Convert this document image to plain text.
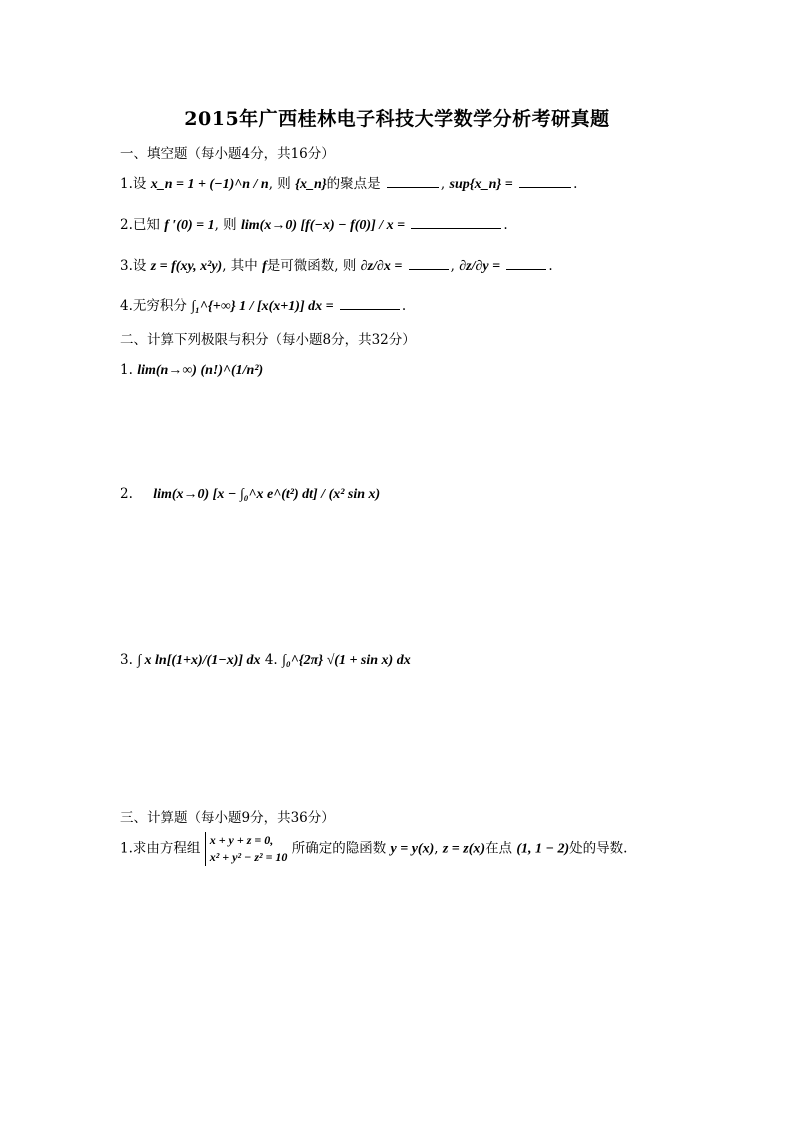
2015年广西桂林电子科技大学数学分析考研真题
一、填空题（每小题4分，共16分）
1.设 x_n = 1 + (−1)^n / n, 则 {x_n}的聚点是	, sup{x_n} =	.
2.已知 f ′(0) = 1, 则 lim(x→0) [f(−x) − f(0)] / x =	.
3.设 z = f(xy, x²y), 其中 f是可微函数, 则 ∂z/∂x =	, ∂z/∂y =	.
4.无穷积分 ∫₁^{+∞} 1 / [x(x+1)] dx =	.
二、计算下列极限与积分（每小题8分，共32分）
1. lim(n→∞) (n!)^(1/n²)
2. lim(x→0) [x − ∫₀^x e^(t²) dt] / (x² sin x)
3. ∫ x ln[(1+x)/(1−x)] dx 4. ∫₀^{2π} √(1 + sin x) dx
三、计算题（每小题9分，共36分）
1.求由方程组
x + y + z = 0,
x² + y² − z² = 10
所确定的隐函数 y = y(x), z = z(x)在点 (1, 1 − 2)处的导数.
